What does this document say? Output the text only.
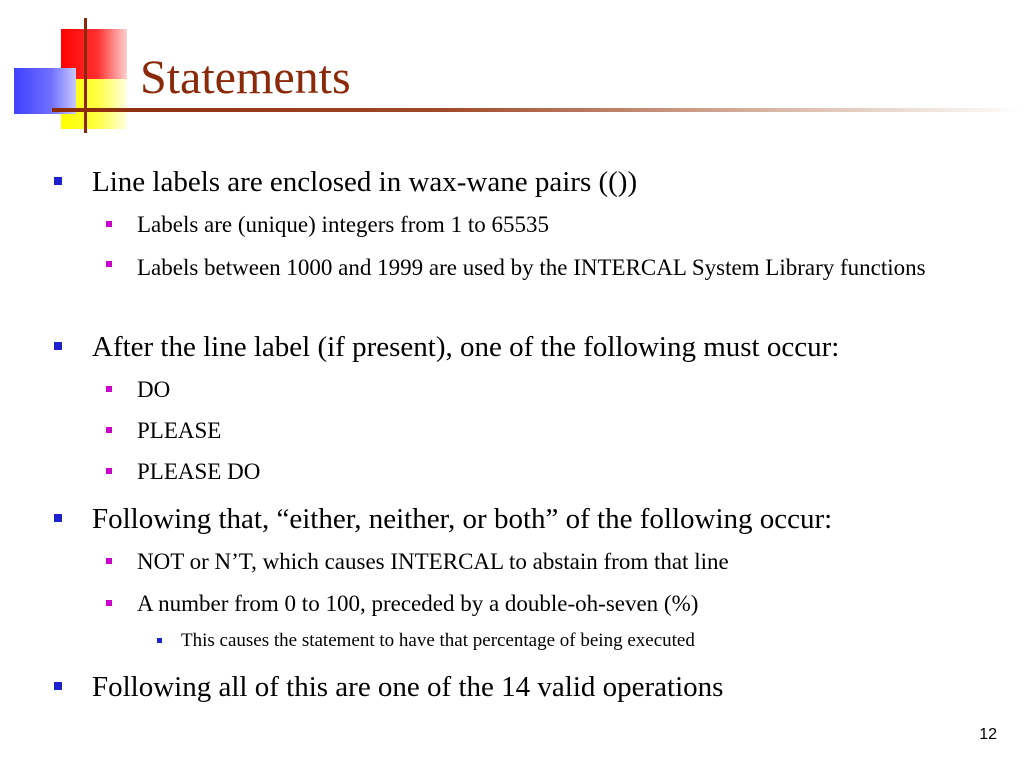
Statements
Line labels are enclosed in wax-wane pairs (())
Labels are (unique) integers from 1 to 65535
Labels between 1000 and 1999 are used by the INTERCAL System Library functions
After the line label (if present), one of the following must occur:
DO
PLEASE
PLEASE DO
Following that, “either, neither, or both” of the following occur:
NOT or N’T, which causes INTERCAL to abstain from that line
A number from 0 to 100, preceded by a double-oh-seven (%)
This causes the statement to have that percentage of being executed
Following all of this are one of the 14 valid operations
12
